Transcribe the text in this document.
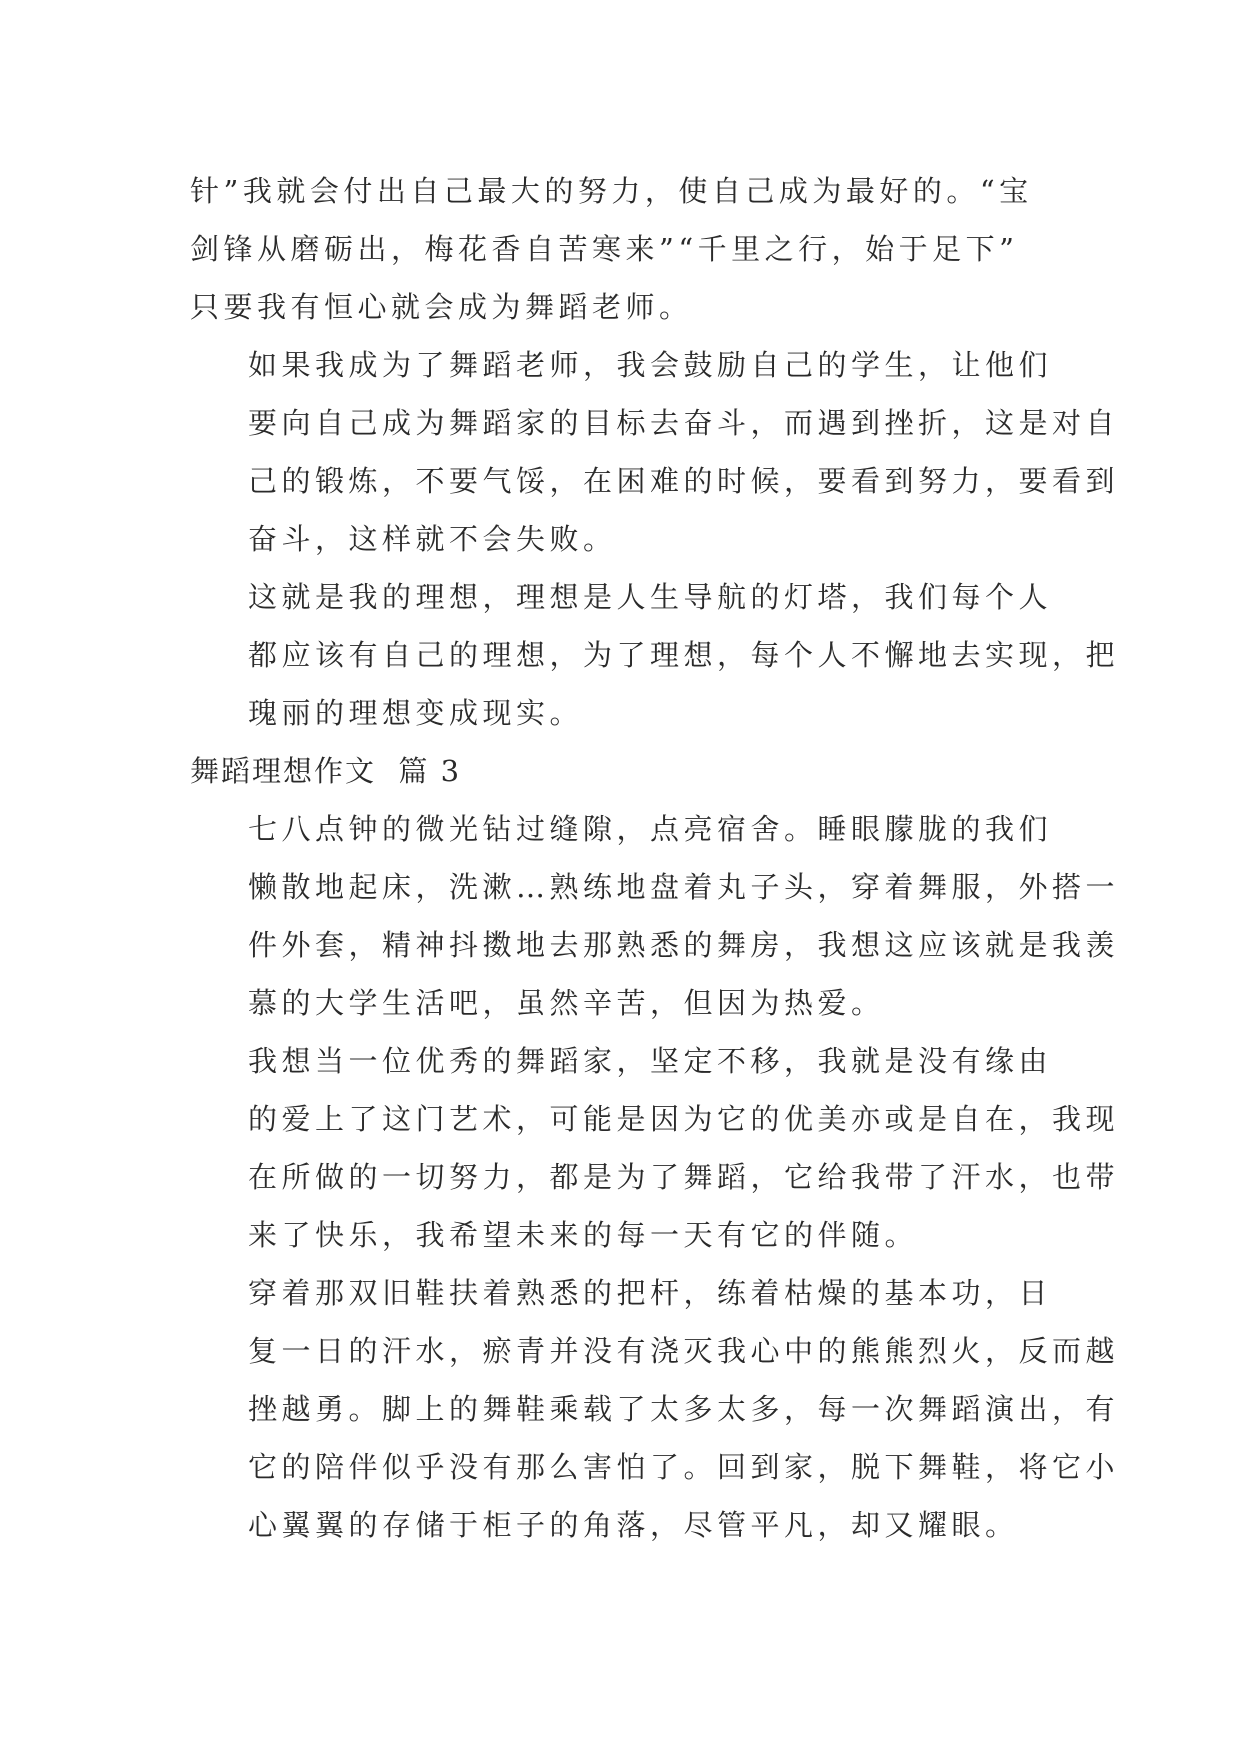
针”我就会付出自己最大的努力，使自己成为最好的。“宝
剑锋从磨砺出，梅花香自苦寒来”“千里之行，始于足下”
只要我有恒心就会成为舞蹈老师。
如果我成为了舞蹈老师，我会鼓励自己的学生，让他们
要向自己成为舞蹈家的目标去奋斗，而遇到挫折，这是对自
己的锻炼，不要气馁，在困难的时候，要看到努力，要看到
奋斗，这样就不会失败。
这就是我的理想，理想是人生导航的灯塔，我们每个人
都应该有自己的理想，为了理想，每个人不懈地去实现，把
瑰丽的理想变成现实。
舞蹈理想作文  篇 3
七八点钟的微光钻过缝隙，点亮宿舍。睡眼朦胧的我们
懒散地起床，洗漱…熟练地盘着丸子头，穿着舞服，外搭一
件外套，精神抖擞地去那熟悉的舞房，我想这应该就是我羡
慕的大学生活吧，虽然辛苦，但因为热爱。
我想当一位优秀的舞蹈家，坚定不移，我就是没有缘由
的爱上了这门艺术，可能是因为它的优美亦或是自在，我现
在所做的一切努力，都是为了舞蹈，它给我带了汗水，也带
来了快乐，我希望未来的每一天有它的伴随。
穿着那双旧鞋扶着熟悉的把杆，练着枯燥的基本功，日
复一日的汗水，瘀青并没有浇灭我心中的熊熊烈火，反而越
挫越勇。脚上的舞鞋乘载了太多太多，每一次舞蹈演出，有
它的陪伴似乎没有那么害怕了。回到家，脱下舞鞋，将它小
心翼翼的存储于柜子的角落，尽管平凡，却又耀眼。
